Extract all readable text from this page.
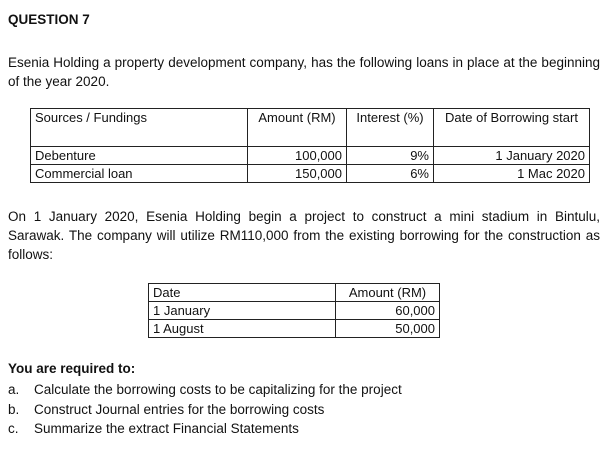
QUESTION 7
Esenia Holding a property development company, has the following loans in place at the beginning of the year 2020.
Sources / Fundings	Amount (RM)	Interest (%)	Date of Borrowing start
Debenture	100,000	9%	1 January 2020
Commercial loan	150,000	6%	1 Mac 2020
On 1 January 2020, Esenia Holding begin a project to construct a mini stadium in Bintulu, Sarawak. The company will utilize RM110,000 from the existing borrowing for the construction as follows:
Date	Amount (RM)
1 January	60,000
1 August	50,000
You are required to:
a. Calculate the borrowing costs to be capitalizing for the project
b. Construct Journal entries for the borrowing costs
c. Summarize the extract Financial Statements
